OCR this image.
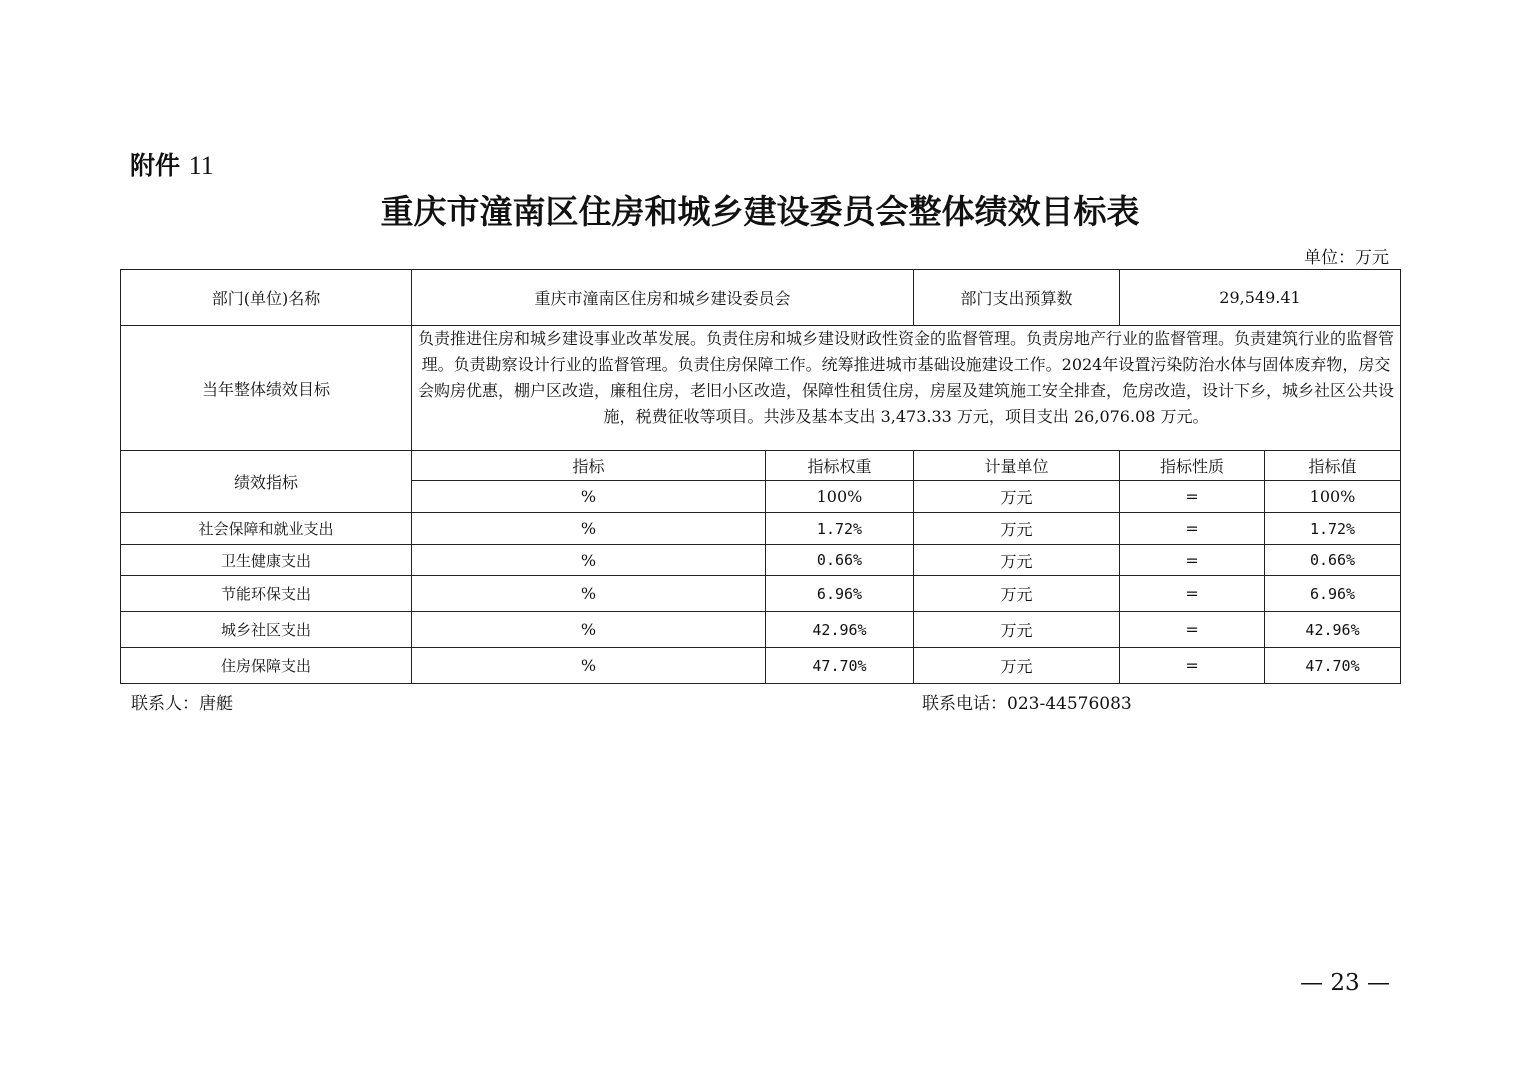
附件 11
重庆市潼南区住房和城乡建设委员会整体绩效目标表
单位：万元
部门(单位)名称	重庆市潼南区住房和城乡建设委员会		部门支出预算数	29,549.41	
当年整体绩效目标	负责推进住房和城乡建设事业改革发展。负责住房和城乡建设财政性资金的监督管理。负责房地产行业的监督管理。负责建筑行业的监督管理。负责勘察设计行业的监督管理。负责住房保障工作。统筹推进城市基础设施建设工作。2024年设置污染防治水体与固体废弃物，房交会购房优惠，棚户区改造，廉租住房，老旧小区改造，保障性租赁住房，房屋及建筑施工安全排查，危房改造，设计下乡，城乡社区公共设施，税费征收等项目。共涉及基本支出 3,473.33 万元，项目支出 26,076.08 万元。				
绩效指标	指标	指标权重	计量单位	指标性质	指标值
	%	100%	万元	=	100%
社会保障和就业支出	%	1.72%	万元	=	1.72%
卫生健康支出	%	0.66%	万元	=	0.66%
节能环保支出	%	6.96%	万元	=	6.96%
城乡社区支出	%	42.96%	万元	=	42.96%
住房保障支出	%	47.70%	万元	=	47.70%
联系人：唐艇	联系电话：023-44576083
— 23 —
